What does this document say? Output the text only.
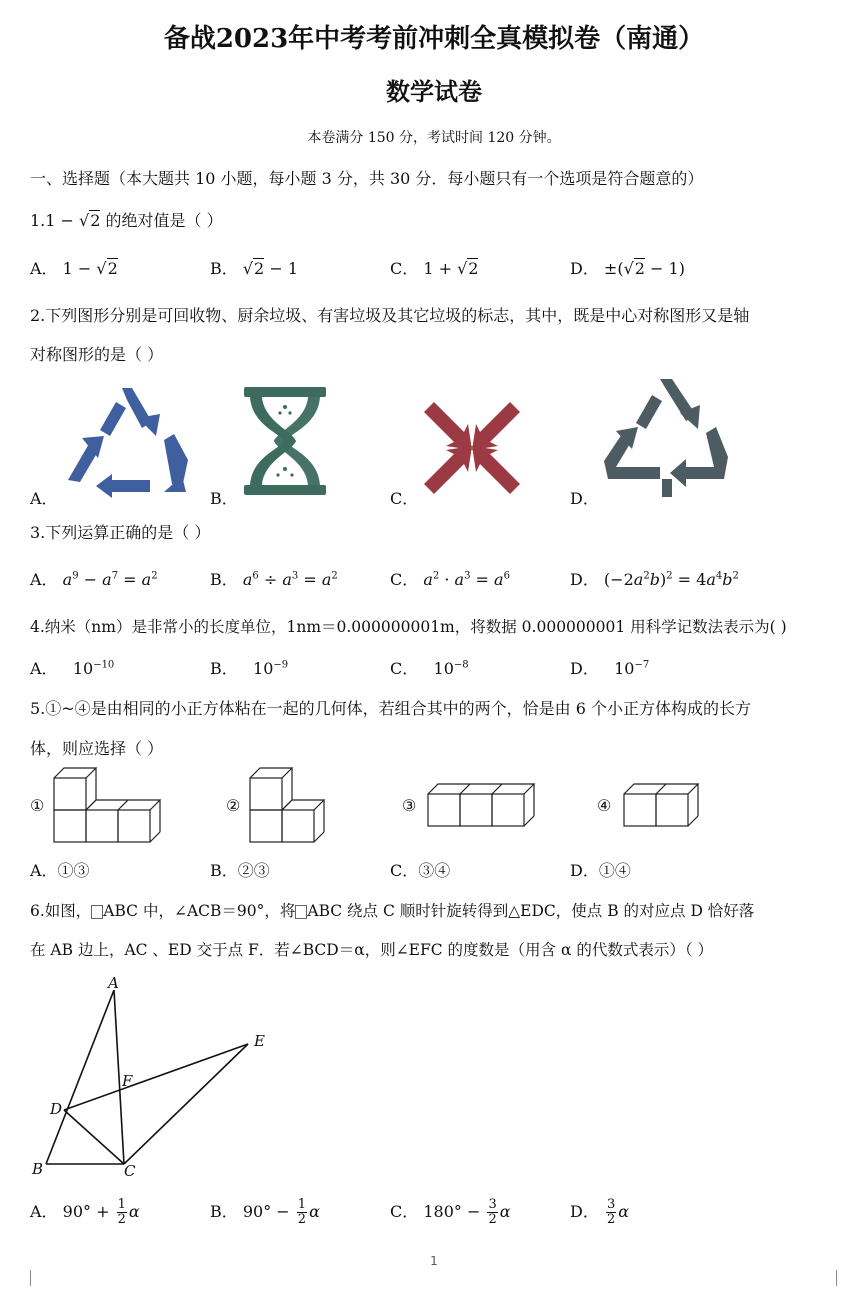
备战2023年中考考前冲刺全真模拟卷（南通）
数学试卷
本卷满分 150 分，考试时间 120 分钟。
一、选择题（本大题共 10 小题，每小题 3 分，共 30 分．每小题只有一个选项是符合题意的）
1.1 − √2 的绝对值是（ ）
A． 1 − √2	B． √2 − 1	C． 1 + √2	D． ±(√2 − 1)
2.下列图形分别是可回收物、厨余垃圾、有害垃圾及其它垃圾的标志，其中，既是中心对称图形又是轴
对称图形的是（ ）
A．	B．	C．	D．
3.下列运算正确的是（ ）
A． $a^9 - a^7 = a^2$	B． $a^6 \div a^3 = a^2$	C． $a^2 \cdot a^3 = a^6$	D． $(-2a^2b)^2 = 4a^4b^2$
4.纳米（nm）是非常小的长度单位，1nm＝0.000000001m，将数据 0.000000001 用科学记数法表示为( )
A．   $10^{-10}$	B．   $10^{-9}$	C．   $10^{-8}$	D．   $10^{-7}$
5.①~④是由相同的小正方体粘在一起的几何体，若组合其中的两个，恰是由 6 个小正方体构成的长方
体，则应选择（ ）
①	②	③	④
A．①③	B．②③	C．③④	D．①④
6.如图， ABC 中，∠ACB＝90°，将 ABC 绕点 C 顺时针旋转得到△EDC，使点 B 的对应点 D 恰好落
在 AB 边上，AC 、ED 交于点 F．若∠BCD＝α，则∠EFC 的度数是（用含 α 的代数式表示）（ ）
A
E
F
D
B	C
A． $90^\circ + \frac{1}{2}$ α	B． $90^\circ - \frac{1}{2}$ α	C． $180^\circ - \frac{3}{2}$ α	D． $\frac{3}{2}$ α
1
